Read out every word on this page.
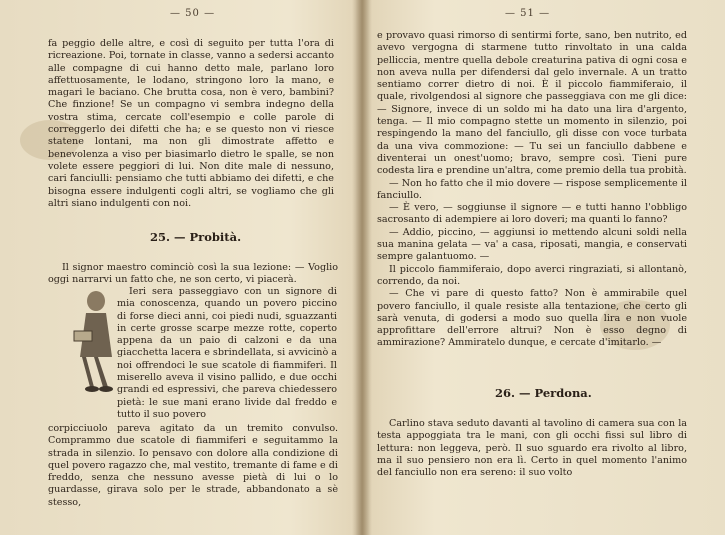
— 50 —

fa peggio delle altre, e così di seguito per tutta l'ora di ricreazione. Poi, tornate in classe, vanno a sedersi accanto alle compagne di cui hanno detto male, parlano loro affettuosamente, le lodano, stringono loro la mano, e magari le baciano. Che brutta cosa, non è vero, bambini? Che finzione! Se un compagno vi sembra indegno della vostra stima, cercate coll'esempio e colle parole di correggerlo dei difetti che ha; e se questo non vi riesce statene lontani, ma non gli dimostrate affetto e benevolenza a viso per biasimarlo dietro le spalle, se non volete essere peggiori di lui. Non dite male di nessuno, cari fanciulli: pensiamo che tutti abbiamo dei difetti, e che bisogna essere indulgenti cogli altri, se vogliamo che gli altri siano indulgenti con noi.

25. — Probità.

Il signor maestro cominciò così la sua lezione: — Voglio oggi narrarvi un fatto che, ne son certo, vi piacerà.

Ieri sera passeggiavo con un signore di mia conoscenza, quando un povero piccino di forse dieci anni, coi piedi nudi, sguazzanti in certe grosse scarpe mezze rotte, coperto appena da un paio di calzoni e da una giacchetta lacera e sbrindellata, si avvicinò a noi offrendoci le sue scatole di fiammiferi. Il miserello aveva il visino pallido, e due occhi grandi ed espressivi, che pareva chiedessero pietà: le sue mani erano livide dal freddo e tutto il suo povero

corpicciuolo pareva agitato da un tremito convulso. Comprammo due scatole di fiammiferi e seguitammo la strada in silenzio. Io pensavo con dolore alla condizione di quel povero ragazzo che, mal vestito, tremante di fame e di freddo, senza che nessuno avesse pietà di lui o lo guardasse, girava solo per le strade, abbandonato a sè stesso,

— 51 —

e provavo quasi rimorso di sentirmi forte, sano, ben nutrito, ed avevo vergogna di starmene tutto rinvoltato in una calda pelliccia, mentre quella debole creaturina pativa di ogni cosa e non aveva nulla per difendersi dal gelo invernale. A un tratto sentiamo correr dietro di noi. È il piccolo fiammiferaio, il quale, rivolgendosi al signore che passeggiava con me gli dice: — Signore, invece di un soldo mi ha dato una lira d'argento, tenga. — Il mio compagno stette un momento in silenzio, poi respingendo la mano del fanciullo, gli disse con voce turbata da una viva commozione: — Tu sei un fanciullo dabbene e diventerai un onest'uomo; bravo, sempre così. Tieni pure codesta lira e prendine un'altra, come premio della tua probità.

— Non ho fatto che il mio dovere — rispose semplicemente il fanciullo.

— È vero, — soggiunse il signore — e tutti hanno l'obbligo sacrosanto di adempiere ai loro doveri; ma quanti lo fanno?

— Addio, piccino, — aggiunsi io mettendo alcuni soldi nella sua manina gelata — va' a casa, riposati, mangia, e conservati sempre galantuomo. —

Il piccolo fiammiferaio, dopo averci ringraziati, si allontanò, correndo, da noi.

— Che vi pare di questo fatto? Non è ammirabile quel povero fanciullo, il quale resiste alla tentazione, che certo gli sarà venuta, di godersi a modo suo quella lira e non vuole approfittare dell'errore altrui? Non è esso degno di ammirazione? Ammiratelo dunque, e cercate d'imitarlo. —

26. — Perdona.

Carlino stava seduto davanti al tavolino di camera sua con la testa appoggiata tra le mani, con gli occhi fissi sul libro di lettura: non leggeva, però. Il suo sguardo era rivolto al libro, ma il suo pensiero non era lì. Certo in quel momento l'animo del fanciullo non era sereno: il suo volto
